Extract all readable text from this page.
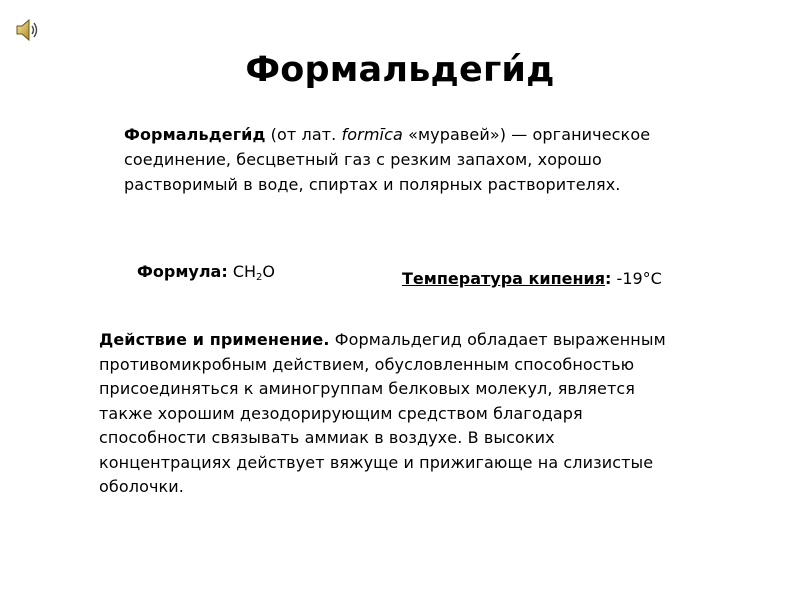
Формальдеги́д
Формальдеги́д (от лат. formīca «муравей») — органическое соединение, бесцветный газ с резким запахом, хорошо растворимый в воде, спиртах и полярных растворителях.
Формула: $CH_2O$	Температура кипения: -19°C
Действие и применение. Формальдегид обладает выраженным противомикробным действием, обусловленным способностью присоединяться к аминогруппам белковых молекул, является также хорошим дезодорирующим средством благодаря способности связывать аммиак в воздухе. В высоких концентрациях действует вяжуще и прижигающе на слизистые оболочки.
